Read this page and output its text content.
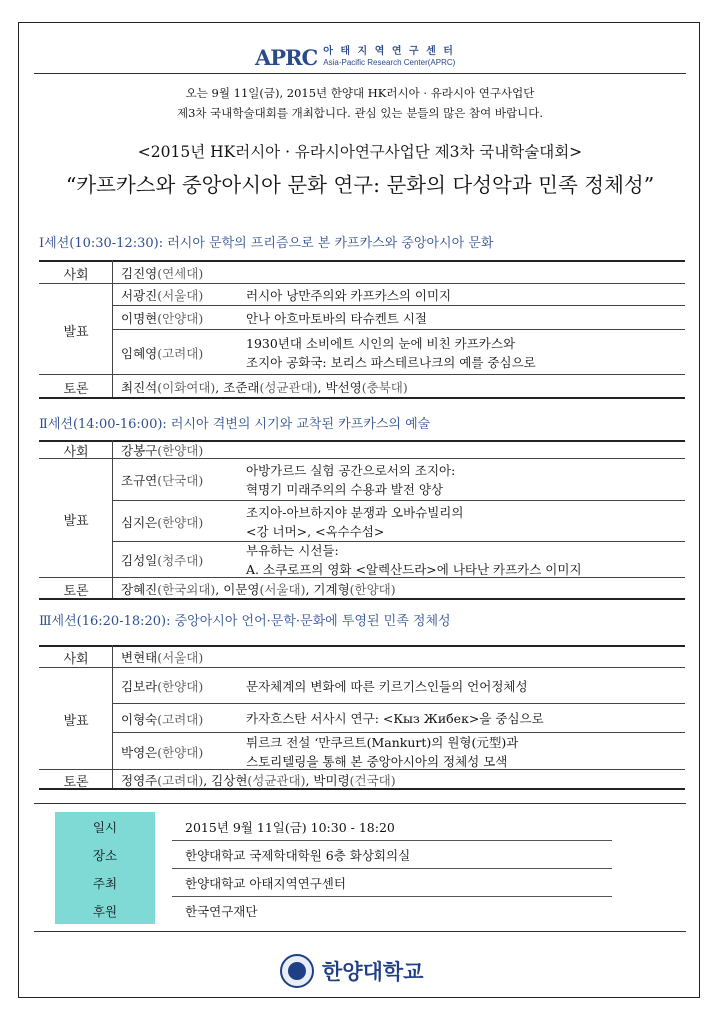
APRC 아 태 지 역 연 구 센 터
Asia-Pacific Research Center(APRC)
오는 9월 11일(금), 2015년 한양대 HK러시아 · 유라시아 연구사업단
제3차 국내학술대회를 개최합니다. 관심 있는 분들의 많은 참여 바랍니다.
<2015년 HK러시아 · 유라시아연구사업단 제3차 국내학술대회>
“카프카스와 중앙아시아 문화 연구: 문화의 다성악과 민족 정체성”
Ⅰ세션(10:30-12:30): 러시아 문학의 프리즘으로 본 카프카스와 중앙아시아 문화
사회	김진영(연세대)
발표
서광진(서울대)	러시아 낭만주의와 카프카스의 이미지
이명현(안양대)	안나 아흐마토바의 타슈켄트 시절
임혜영(고려대)
1930년대 소비에트 시인의 눈에 비친 카프카스와
조지아 공화국: 보리스 파스테르나크의 예를 중심으로
토론	최진석(이화여대), 조준래(성균관대), 박선영(충북대)
Ⅱ세션(14:00-16:00): 러시아 격변의 시기와 교착된 카프카스의 예술
사회	강봉구(한양대)
발표
조규연(단국대)
아방가르드 실험 공간으로서의 조지아:
혁명기 미래주의의 수용과 발전 양상
심지은(한양대)
조지아-아브하지야 분쟁과 오바슈빌리의
<강 너머>, <옥수수섬>
김성일(청주대)
부유하는 시선들:
A. 소쿠로프의 영화 <알렉산드라>에 나타난 카프카스 이미지
토론	장혜진(한국외대), 이문영(서울대), 기계형(한양대)
Ⅲ세션(16:20-18:20): 중앙아시아 언어·문학·문화에 투영된 민족 정체성
사회	변현태(서울대)
발표
김보라(한양대)	문자체계의 변화에 따른 키르기스인들의 언어정체성
이형숙(고려대)	카자흐스탄 서사시 연구: <Кыз Жибек>을 중심으로
박영은(한양대)
튀르크 전설 ‘만쿠르트(Mankurt)의 원형(元型)과
스토리텔링을 통해 본 중앙아시아의 정체성 모색
토론	정영주(고려대), 김상현(성균관대), 박미령(건국대)
일시	2015년 9월 11일(금) 10:30 - 18:20
장소	한양대학교 국제학대학원 6층 화상회의실
주최	한양대학교 아태지역연구센터
후원	한국연구재단
한양대학교
